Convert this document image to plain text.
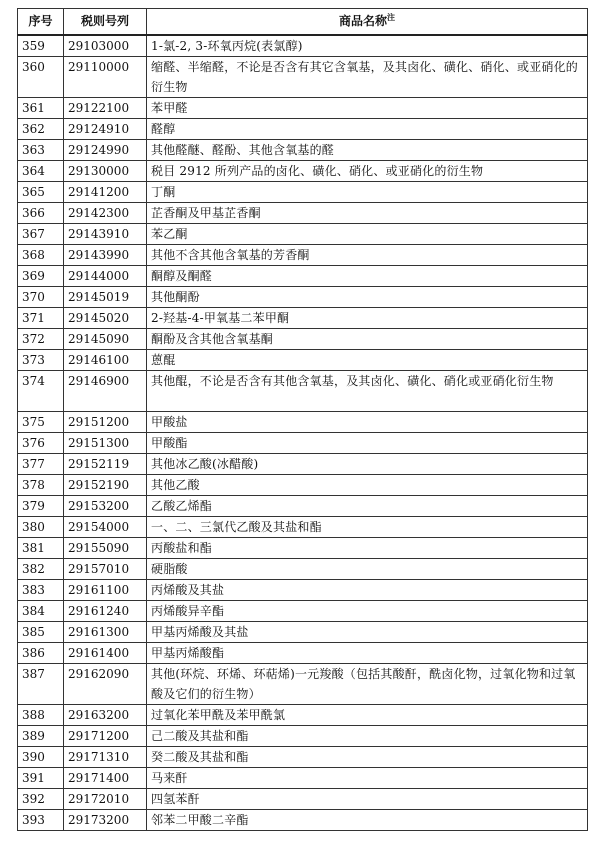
序号	税则号列	商品名称$^注$
359	29103000	1-氯-2, 3-环氧丙烷(表氯醇)
360	29110000	缩醛、半缩醛，不论是否含有其它含氧基，及其卤化、磺化、硝化、或亚硝化的衍生物
361	29122100	苯甲醛
362	29124910	醛醇
363	29124990	其他醛醚、醛酚、其他含氧基的醛
364	29130000	税目 2912 所列产品的卤化、磺化、硝化、或亚硝化的衍生物
365	29141200	丁酮
366	29142300	芷香酮及甲基芷香酮
367	29143910	苯乙酮
368	29143990	其他不含其他含氧基的芳香酮
369	29144000	酮醇及酮醛
370	29145019	其他酮酚
371	29145020	2-羟基-4-甲氧基二苯甲酮
372	29145090	酮酚及含其他含氧基酮
373	29146100	蒽醌
374	29146900	其他醌，不论是否含有其他含氧基，及其卤化、磺化、硝化或亚硝化衍生物
375	29151200	甲酸盐
376	29151300	甲酸酯
377	29152119	其他冰乙酸(冰醋酸)
378	29152190	其他乙酸
379	29153200	乙酸乙烯酯
380	29154000	一、二、三氯代乙酸及其盐和酯
381	29155090	丙酸盐和酯
382	29157010	硬脂酸
383	29161100	丙烯酸及其盐
384	29161240	丙烯酸异辛酯
385	29161300	甲基丙烯酸及其盐
386	29161400	甲基丙烯酸酯
387	29162090	其他(环烷、环烯、环萜烯)一元羧酸（包括其酸酐，酰卤化物，过氧化物和过氧酸及它们的衍生物）
388	29163200	过氧化苯甲酰及苯甲酰氯
389	29171200	己二酸及其盐和酯
390	29171310	癸二酸及其盐和酯
391	29171400	马来酐
392	29172010	四氢苯酐
393	29173200	邻苯二甲酸二辛酯
